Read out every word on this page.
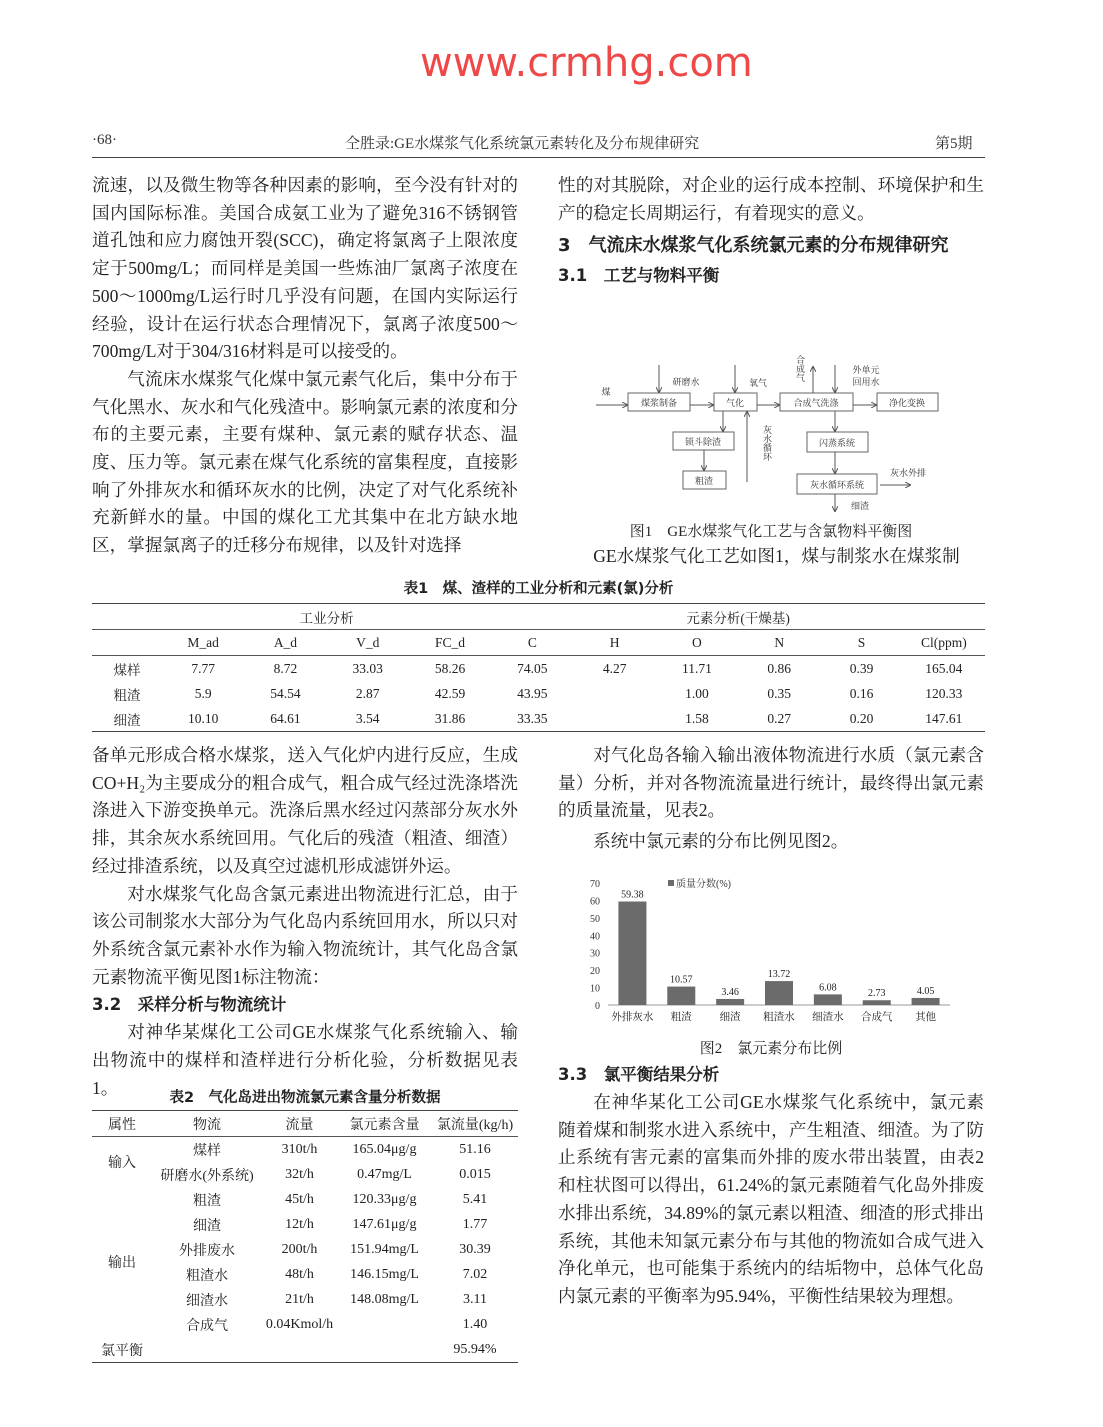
·68·	仝胜录:GE水煤浆气化系统氯元素转化及分布规律研究	第5期

流速，以及微生物等各种因素的影响，至今没有针对的国内国际标准。美国合成氨工业为了避免316不锈钢管道孔蚀和应力腐蚀开裂(SCC)，确定将氯离子上限浓度定于500mg/L；而同样是美国一些炼油厂氯离子浓度在500～1000mg/L运行时几乎没有问题，在国内实际运行经验，设计在运行状态合理情况下，氯离子浓度500～700mg/L对于304/316材料是可以接受的。

气流床水煤浆气化煤中氯元素气化后，集中分布于气化黑水、灰水和气化残渣中。影响氯元素的浓度和分布的主要元素，主要有煤种、氯元素的赋存状态、温度、压力等。氯元素在煤气化系统的富集程度，直接影响了外排灰水和循环灰水的比例，决定了对气化系统补充新鲜水的量。中国的煤化工尤其集中在北方缺水地区，掌握氯离子的迁移分布规律，以及针对选择

性的对其脱除，对企业的运行成本控制、环境保护和生产的稳定长周期运行，有着现实的意义。

3　气流床水煤浆气化系统氯元素的分布规律研究
3.1　工艺与物料平衡
煤浆制备	气化	合成气洗涤	净化变换
锁斗除渣
粗渣
闪蒸系统
灰水循环系统
煤
研磨水	氧气
外单元
回用水
灰水外排
细渣
合成气
灰水循环
图1　GE水煤浆气化工艺与含氯物料平衡图

GE水煤浆气化工艺如图1，煤与制浆水在煤浆制

表1　煤、渣样的工业分析和元素(氯)分析
	工业分析				元素分析(干燥基)					
	M_ad	A_d	V_d	FC_d	C	H	O	N	S	Cl(ppm)
煤样	7.77	8.72	33.03	58.26	74.05	4.27	11.71	0.86	0.39	165.04
粗渣	5.9	54.54	2.87	42.59	43.95		1.00	0.35	0.16	120.33
细渣	10.10	64.61	3.54	31.86	33.35		1.58	0.27	0.20	147.61

备单元形成合格水煤浆，送入气化炉内进行反应，生成CO+H₂为主要成分的粗合成气，粗合成气经过洗涤塔洗涤进入下游变换单元。洗涤后黑水经过闪蒸部分灰水外排，其余灰水系统回用。气化后的残渣（粗渣、细渣）经过排渣系统，以及真空过滤机形成滤饼外运。

对水煤浆气化岛含氯元素进出物流进行汇总，由于该公司制浆水大部分为气化岛内系统回用水，所以只对外系统含氯元素补水作为输入物流统计，其气化岛含氯元素物流平衡见图1标注物流：

3.2　采样分析与物流统计

对神华某煤化工公司GE水煤浆气化系统输入、输出物流中的煤样和渣样进行分析化验，分析数据见表1。

表2　气化岛进出物流氯元素含量分析数据
属性	物流	流量	氯元素含量	氯流量(kg/h)
输入	煤样	310t/h	165.04μg/g	51.16
	研磨水(外系统)	32t/h	0.47mg/L	0.015
输出	粗渣	45t/h	120.33μg/g	5.41
	细渣	12t/h	147.61μg/g	1.77
	外排废水	200t/h	151.94mg/L	30.39
	粗渣水	48t/h	146.15mg/L	7.02
	细渣水	21t/h	148.08mg/L	3.11
	合成气	0.04Kmol/h		1.40
氯平衡				95.94%

对气化岛各输入输出液体物流进行水质（氯元素含量）分析，并对各物流流量进行统计，最终得出氯元素的质量流量，见表2。

系统中氯元素的分布比例见图2。

0
10
20
30
40
50
60
70
59.38
外排灰水
10.57
粗渣
3.46
细渣
13.72
粗渣水
6.08
细渣水
2.73
合成气
4.05
其他
质量分数(%)
图2　氯元素分布比例
3.3　氯平衡结果分析

在神华某化工公司GE水煤浆气化系统中，氯元素随着煤和制浆水进入系统中，产生粗渣、细渣。为了防止系统有害元素的富集而外排的废水带出装置，由表2和柱状图可以得出，61.24%的氯元素随着气化岛外排废水排出系统，34.89%的氯元素以粗渣、细渣的形式排出系统，其他未知氯元素分布与其他的物流如合成气进入净化单元，也可能集于系统内的结垢物中，总体气化岛内氯元素的平衡率为95.94%，平衡性结果较为理想。

www.crmhg.com
